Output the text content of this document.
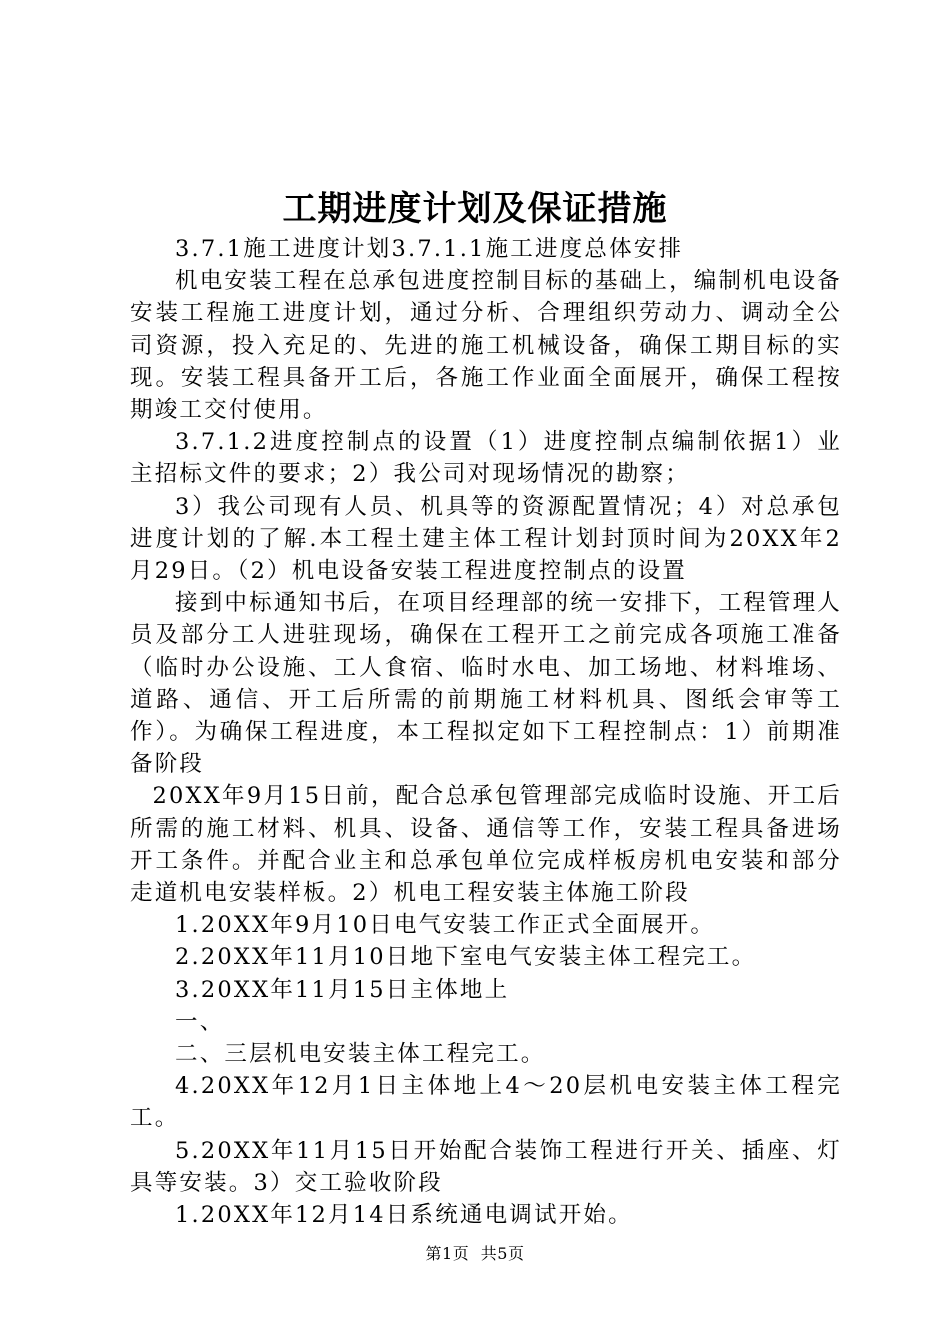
工期进度计划及保证措施

3.7.1施工进度计划3.7.1.1施工进度总体安排

机电安装工程在总承包进度控制目标的基础上，编制机电设备安装工程施工进度计划，通过分析、合理组织劳动力、调动全公司资源，投入充足的、先进的施工机械设备，确保工期目标的实现。安装工程具备开工后，各施工作业面全面展开，确保工程按期竣工交付使用。

3.7.1.2进度控制点的设置（1）进度控制点编制依据1）业主招标文件的要求；2）我公司对现场情况的勘察；

3）我公司现有人员、机具等的资源配置情况；4）对总承包进度计划的了解.本工程土建主体工程计划封顶时间为20XX年2月29日。（2）机电设备安装工程进度控制点的设置

接到中标通知书后，在项目经理部的统一安排下，工程管理人员及部分工人进驻现场，确保在工程开工之前完成各项施工准备（临时办公设施、工人食宿、临时水电、加工场地、材料堆场、道路、通信、开工后所需的前期施工材料机具、图纸会审等工作）。为确保工程进度，本工程拟定如下工程控制点：1）前期准备阶段

20XX年9月15日前，配合总承包管理部完成临时设施、开工后所需的施工材料、机具、设备、通信等工作，安装工程具备进场开工条件。并配合业主和总承包单位完成样板房机电安装和部分走道机电安装样板。2）机电工程安装主体施工阶段

1.20XX年9月10日电气安装工作正式全面展开。

2.20XX年11月10日地下室电气安装主体工程完工。

3.20XX年11月15日主体地上

一、

二、三层机电安装主体工程完工。

4.20XX年12月1日主体地上4～20层机电安装主体工程完工。

5.20XX年11月15日开始配合装饰工程进行开关、插座、灯具等安装。3）交工验收阶段

1.20XX年12月14日系统通电调试开始。

第1页 共5页
